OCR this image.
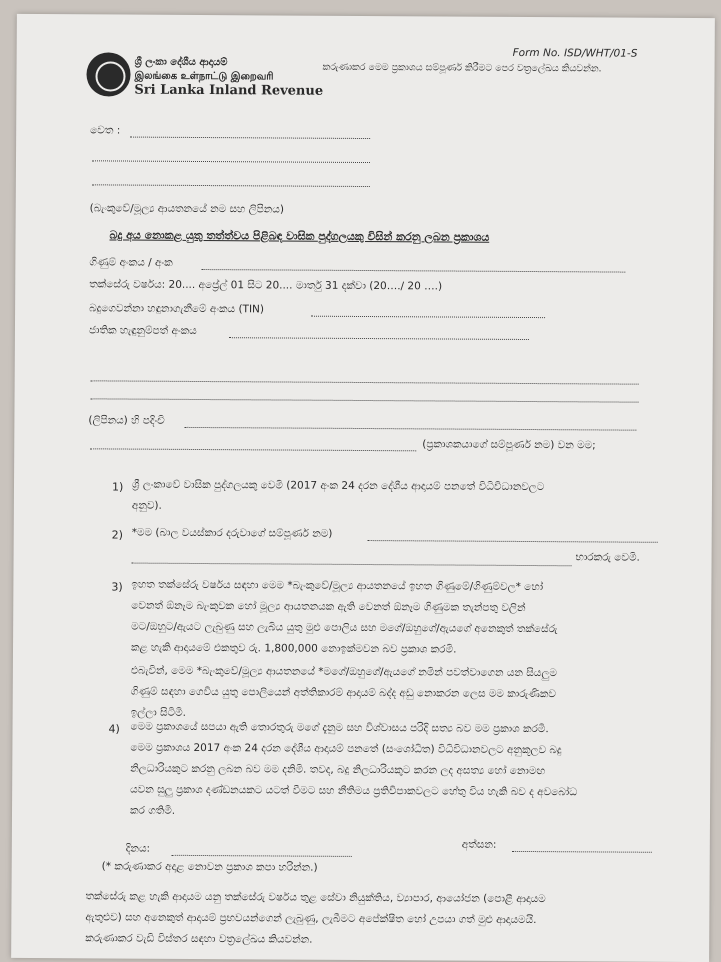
ශ්‍රී ලංකා දේශීය ආදායම්
இலங்கை உள்நாட்டு இறைவரி
Sri Lanka Inland Revenue
Form No. ISD/WHT/01-S
කරුණාකර මෙම ප්‍රකාශය සම්පූර්ණ කිරීමට පෙර වත්‍රලේඛය කියවන්න.
වෙත :
(බැංකුවේ/මූල්‍ය ආයතනයේ නම සහ ලිපිනය)
බදු අය නොකළ යුතු තත්ත්වය පිළිබඳ වාසික පුද්ගලයකු විසින් කරනු ලබන ප්‍රකාශය
ගිණුම් අංකය / අංක
තක්සේරු වර්ෂය: 20.... අප්‍රේල් 01 සිට 20.... මාර්තු 31 දක්වා (20…./ 20 ….)
බදුගෙවන්නා හඳුනාගැනීමේ අංකය (TIN)
ජාතික හැඳුනුම්පත් අංකය
(ලිපිනය) හි පදිංචි
(ප්‍රකාශකයාගේ සම්පූර්ණ නම) වන මම;
1) ශ්‍රී ලංකාවේ වාසික පුද්ගලයකු වෙමි (2017 අංක 24 දරන දේශීය ආදායම් පනතේ විධිවිධානවලට
අනුව).
2) *මම (බාල වයස්කාර දරුවාගේ සම්පූර්ණ නම)
භාරකරු වෙමි.
3) ඉහත තක්සේරු වර්ෂය සඳහා මෙම *බැංකුවේ/මූල්‍ය ආයතනයේ ඉහත ගිණුමේ/ගිණුම්වල* හෝ
වෙනත් ඕනෑම බැංකුවක හෝ මූල්‍ය ආයතනයක ඇති වෙනත් ඕනෑම ගිණුමක තැන්පතු වලින්
මට/ඔහුට/ඇයට ලැබුණු සහ ලැබිය යුතු මුළු පොලිය සහ මගේ/ඔහුගේ/ඇයගේ අනෙකුත් තක්සේරු
කළ හැකි ආදායමේ එකතුව රු. 1,800,000 නොඉක්මවන බව ප්‍රකාශ කරමි.
එබැවින්, මෙම *බැංකුවේ/මූල්‍ය ආයතනයේ *මගේ/ඔහුගේ/ඇයගේ නමින් පවත්වාගෙන යන සියලුම
ගිණුම් සඳහා ගෙවිය යුතු පොලියෙන් අත්තිකාරම් ආදායම් බද්ද අඩු නොකරන ලෙස මම කාරුණිකව
ඉල්ලා සිටිමි.
4) මෙම ප්‍රකාශයේ සපයා ඇති තොරතුරු මගේ දැනුම සහ විශ්වාසය පරිදි සත්‍ය බව මම ප්‍රකාශ කරමි.
මෙම ප්‍රකාශය 2017 අංක 24 දරන දේශීය ආදායම් පනතේ (සංශෝධිත) විධිවිධානවලට අනුකූලව බදු
නිලධාරියකුට කරනු ලබන බව මම දනිමි. තවද, බදු නිලධාරියකුට කරන ලද අසත්‍ය හෝ නොමඟ
යවන සුලු ප්‍රකාශ දණ්ඩනයකට යටත් වීමට සහ නීතිමය ප්‍රතිවිපාකවලට හේතු විය හැකි බව ද අවබෝධ
කර ගතිමි.
දිනය:	අත්සන:
(* කරුණාකර අදාළ නොවන ප්‍රකාශ කපා හරින්න.)
තක්සේරු කළ හැකි ආදායම යනු තක්සේරු වර්ෂය තුළ සේවා නියුක්තිය, ව්‍යාපාර, ආයෝජන (පොළී ආදායම
ඇතුළුව) සහ අනෙකුත් ආදායම් ප්‍රභවයන්ගෙන් ලැබුණු, ලැබීමට අපේක්ෂිත හෝ උපයා ගත් මුළු ආදායමයි.
කරුණාකර වැඩි විස්තර සඳහා වත්‍රලේඛය කියවන්න.
